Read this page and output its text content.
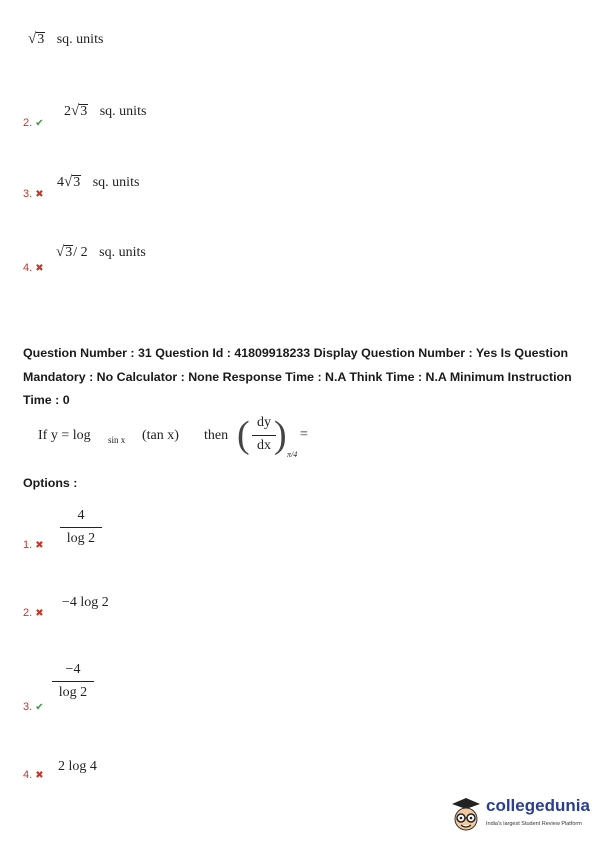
√3 sq. units
2. ✔
2√3 sq. units
3. ✖
4√3 sq. units
4. ✖
√3/ 2 sq. units
Question Number : 31 Question Id : 41809918233 Display Question Number : Yes Is Question Mandatory : No Calculator : None Response Time : N.A Think Time : N.A Minimum Instruction Time : 0
If y = log sin x (tan x) then ( dy
dx ) π/4
=
Options :
1. ✖
4
log 2
2. ✖
−4 log 2
3. ✔
−4
log 2
4. ✖
2 log 4
collegedunia
India's largest Student Review Platform
